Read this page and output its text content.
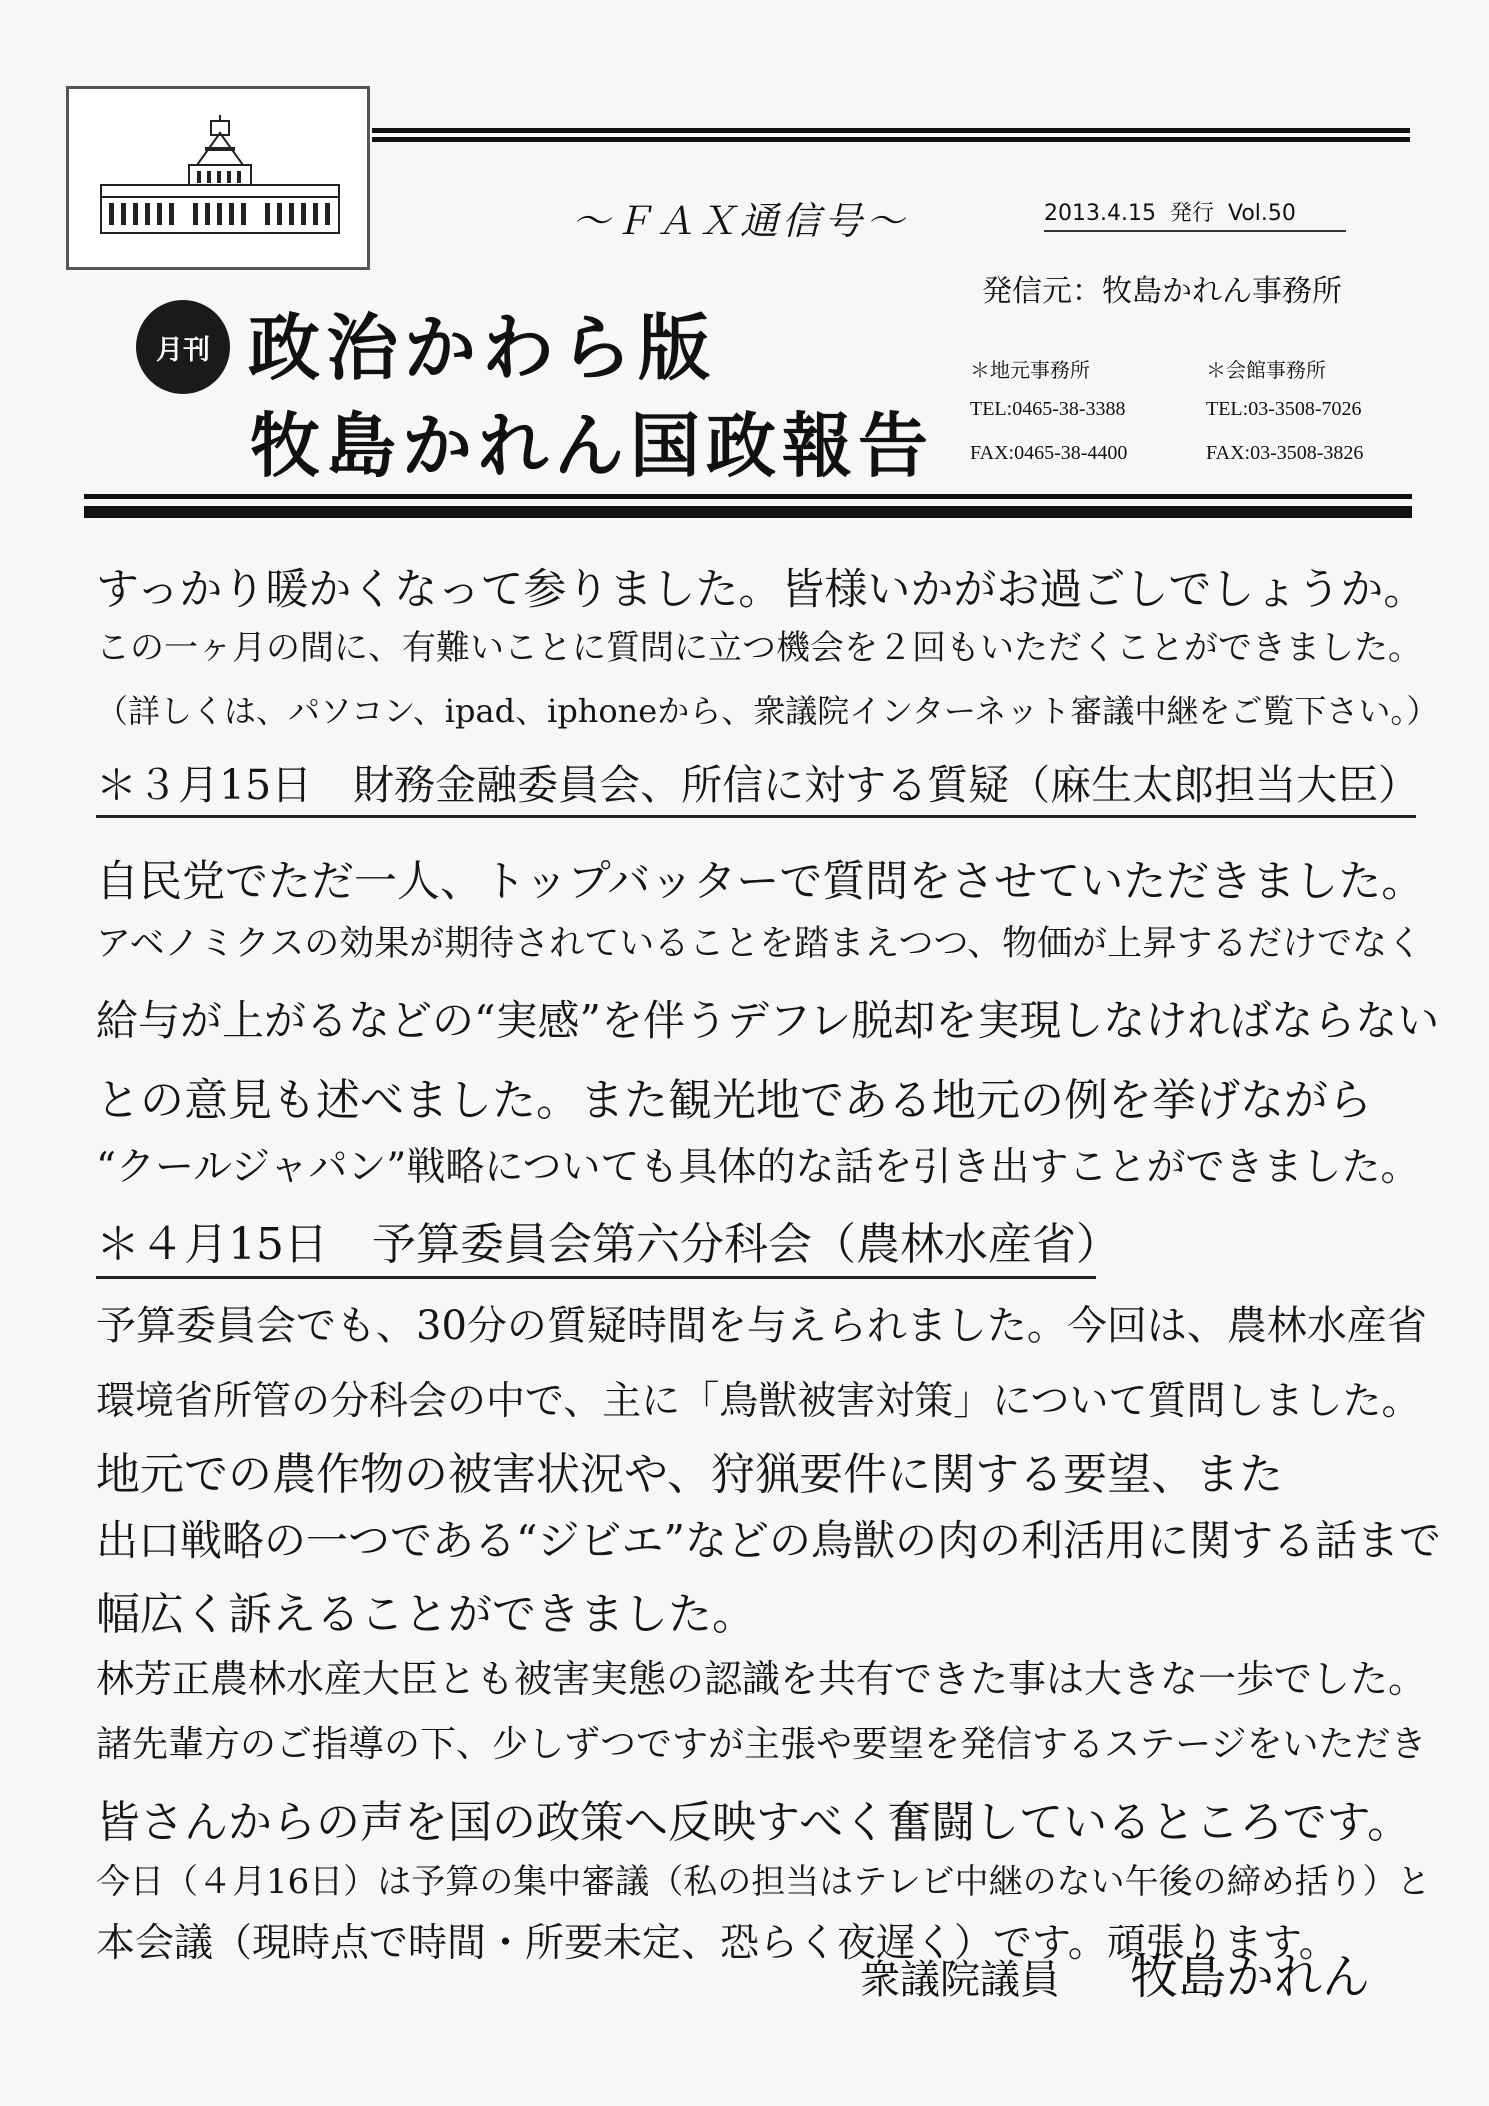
～ＦＡＸ通信号～	2013.4.15 発行 Vol.50
発信元：牧島かれん事務所
月刊 政治かわら版
牧島かれん国政報告
＊地元事務所
TEL:0465-38-3388
FAX:0465-38-4400
＊会館事務所
TEL:03-3508-7026
FAX:03-3508-3826
すっかり暖かくなって参りました。皆様いかがお過ごしでしょうか。
この一ヶ月の間に、有難いことに質問に立つ機会を２回もいただくことができました。
（詳しくは、パソコン、ipad、iphoneから、衆議院インターネット審議中継をご覧下さい。）
＊３月15日　財務金融委員会、所信に対する質疑（麻生太郎担当大臣）
自民党でただ一人、トップバッターで質問をさせていただきました。
アベノミクスの効果が期待されていることを踏まえつつ、物価が上昇するだけでなく
給与が上がるなどの“実感”を伴うデフレ脱却を実現しなければならない
との意見も述べました。また観光地である地元の例を挙げながら
“クールジャパン”戦略についても具体的な話を引き出すことができました。
＊４月15日　予算委員会第六分科会（農林水産省）
予算委員会でも、30分の質疑時間を与えられました。今回は、農林水産省
環境省所管の分科会の中で、主に「鳥獣被害対策」について質問しました。
地元での農作物の被害状況や、狩猟要件に関する要望、また
出口戦略の一つである“ジビエ”などの鳥獣の肉の利活用に関する話まで
幅広く訴えることができました。
林芳正農林水産大臣とも被害実態の認識を共有できた事は大きな一歩でした。
諸先輩方のご指導の下、少しずつですが主張や要望を発信するステージをいただき
皆さんからの声を国の政策へ反映すべく奮闘しているところです。
今日（４月16日）は予算の集中審議（私の担当はテレビ中継のない午後の締め括り）と
本会議（現時点で時間・所要未定、恐らく夜遅く）です。頑張ります。
衆議院議員 牧島かれん
